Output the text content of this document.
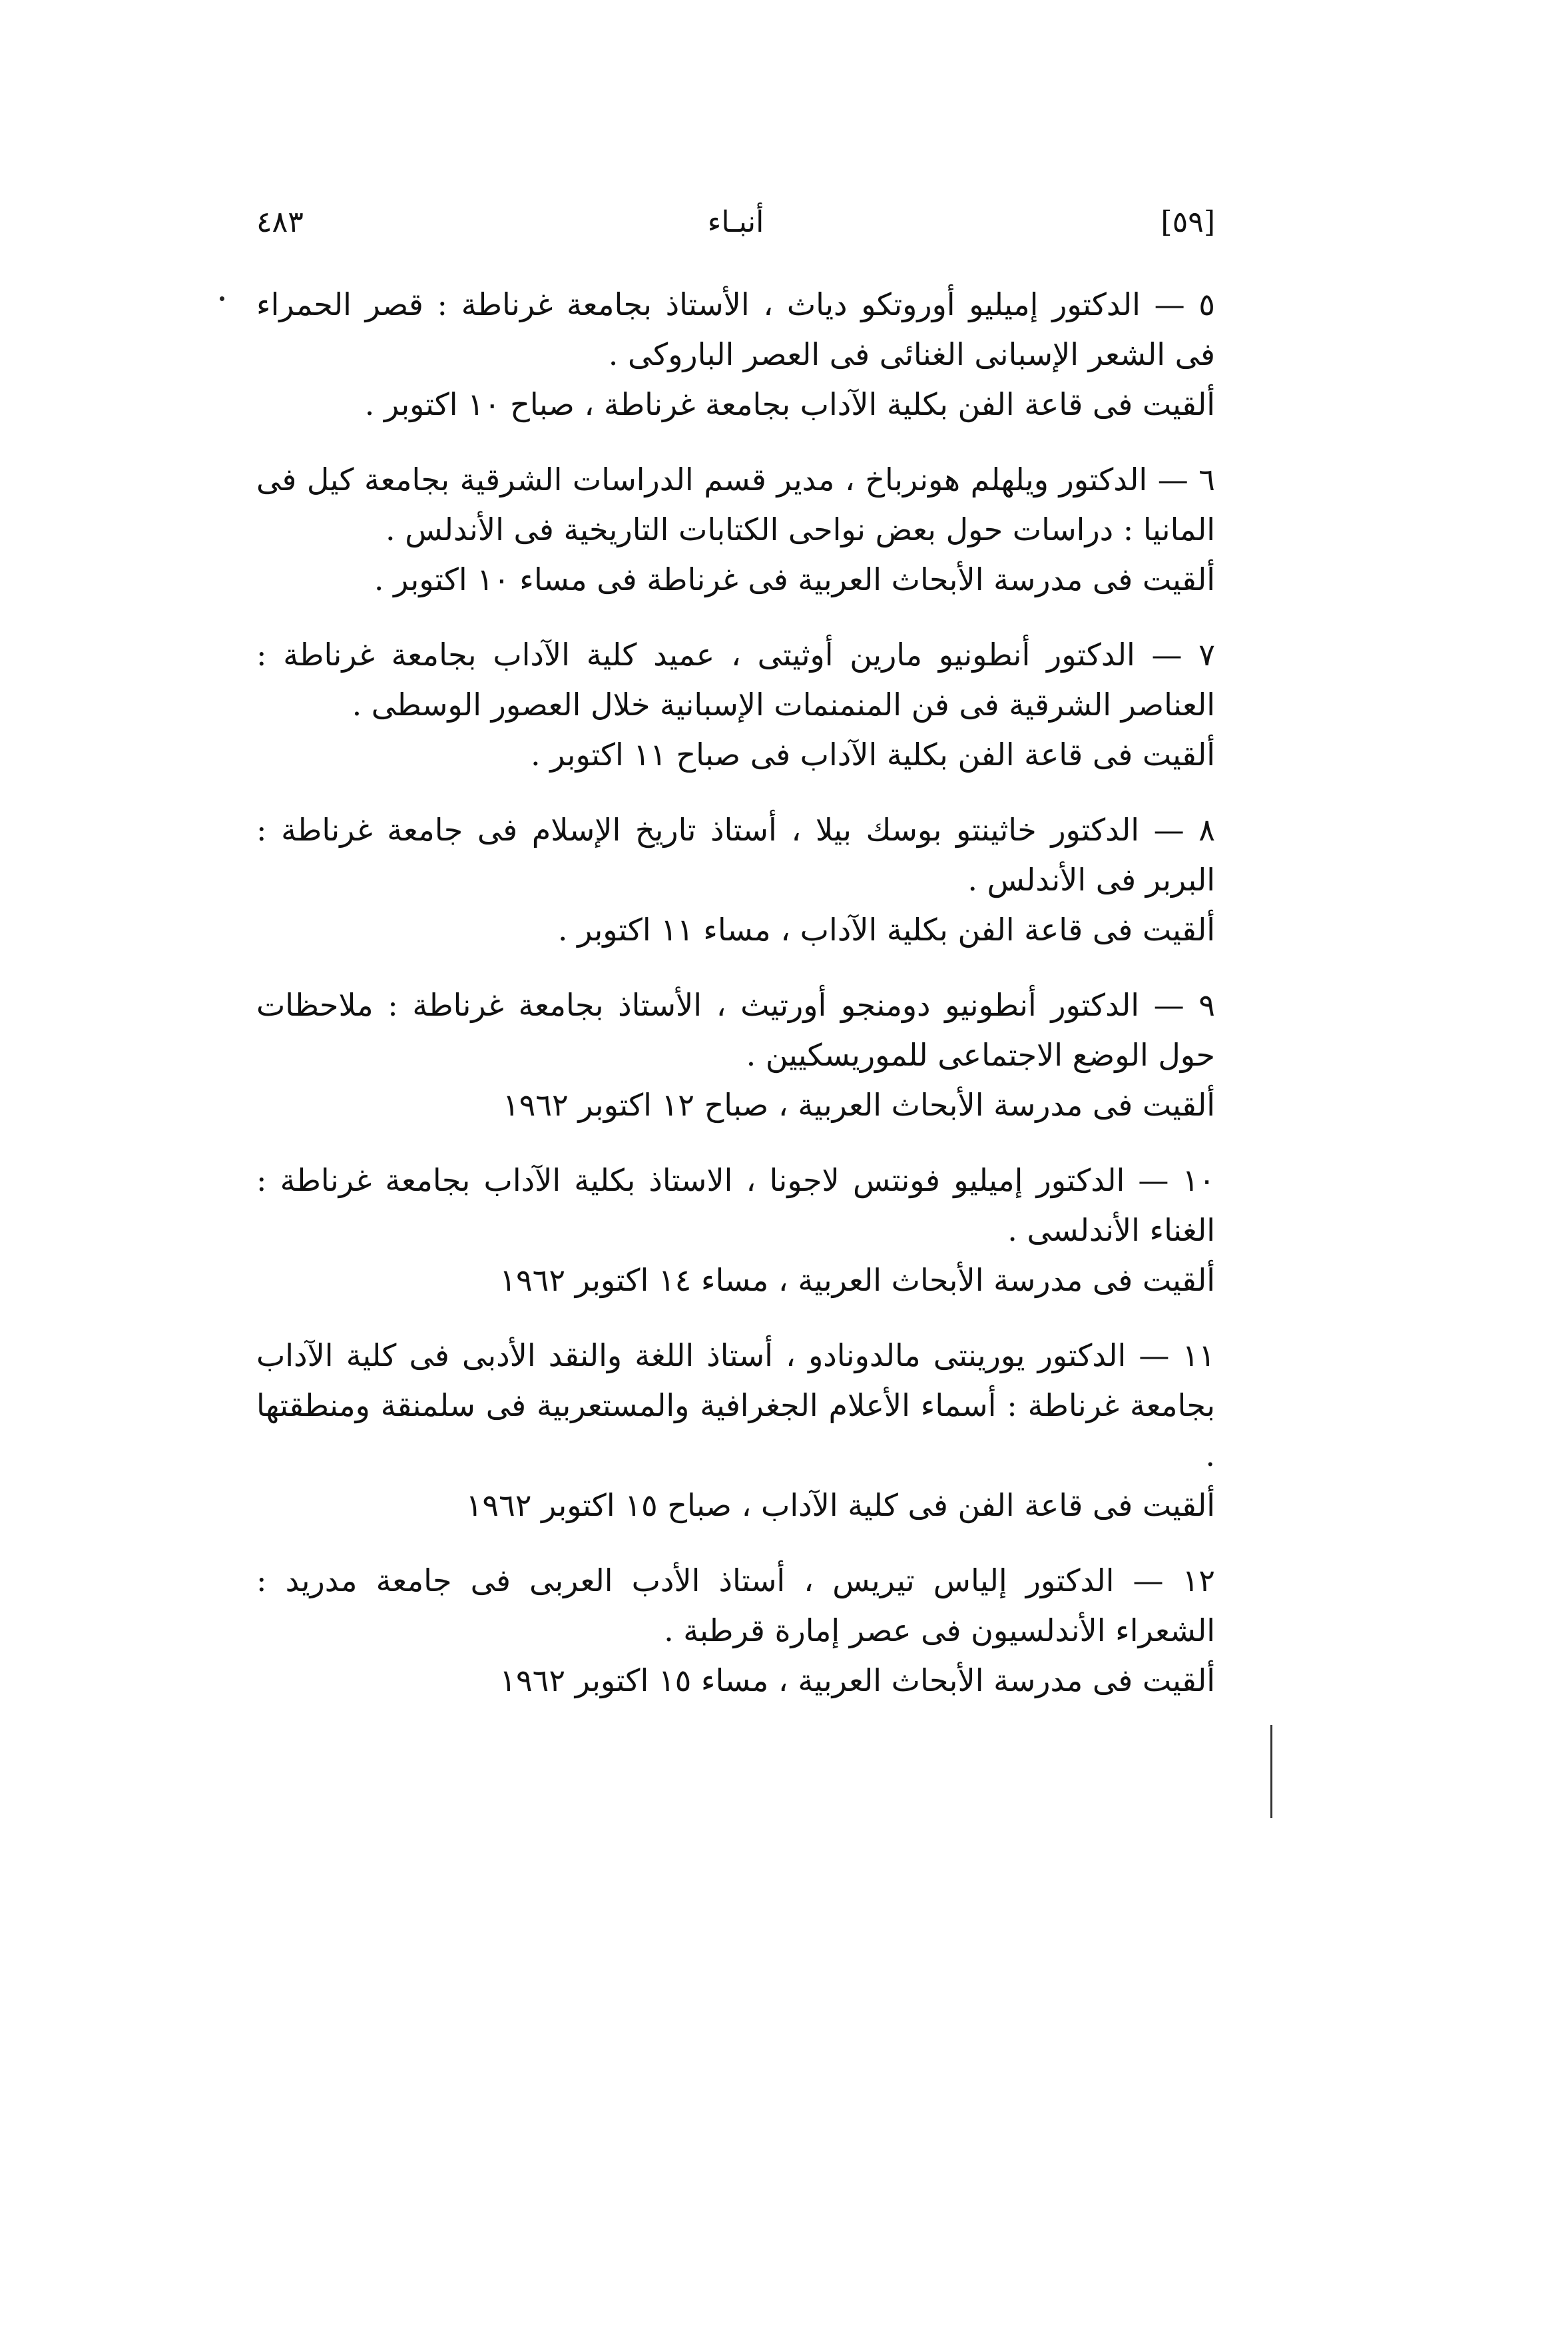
[٥٩]
أنبـاء
٤٨٣

٥ — الدكتور إميليو أوروتكو دياث ، الأستاذ بجامعة غرناطة : قصر الحمراء فى الشعر الإسبانى الغنائى فى العصر الباروكى .

ألقيت فى قاعة الفن بكلية الآداب بجامعة غرناطة ، صباح ١٠ اكتوبر .

٦ — الدكتور ويلهلم هونرباخ ، مدير قسم الدراسات الشرقية بجامعة كيل فى المانيا : دراسات حول بعض نواحى الكتابات التاريخية فى الأندلس .

ألقيت فى مدرسة الأبحاث العربية فى غرناطة فى مساء ١٠ اكتوبر .

٧ — الدكتور أنطونيو مارين أوثيتى ، عميد كلية الآداب بجامعة غرناطة : العناصر الشرقية فى فن المنمنمات الإسبانية خلال العصور الوسطى .

ألقيت فى قاعة الفن بكلية الآداب فى صباح ١١ اكتوبر .

٨ — الدكتور خاثينتو بوسك بيلا ، أستاذ تاريخ الإسلام فى جامعة غرناطة : البربر فى الأندلس .

ألقيت فى قاعة الفن بكلية الآداب ، مساء ١١ اكتوبر .

٩ — الدكتور أنطونيو دومنجو أورتيث ، الأستاذ بجامعة غرناطة : ملاحظات حول الوضع الاجتماعى للموريسكيين .

ألقيت فى مدرسة الأبحاث العربية ، صباح ١٢ اكتوبر ١٩٦٢

١٠ — الدكتور إميليو فونتس لاجونا ، الاستاذ بكلية الآداب بجامعة غرناطة : الغناء الأندلسى .

ألقيت فى مدرسة الأبحاث العربية ، مساء ١٤ اكتوبر ١٩٦٢

١١ — الدكتور يورينتى مالدونادو ، أستاذ اللغة والنقد الأدبى فى كلية الآداب بجامعة غرناطة : أسماء الأعلام الجغرافية والمستعربية فى سلمنقة ومنطقتها .

ألقيت فى قاعة الفن فى كلية الآداب ، صباح ١٥ اكتوبر ١٩٦٢

١٢ — الدكتور إلياس تيريس ، أستاذ الأدب العربى فى جامعة مدريد : الشعراء الأندلسيون فى عصر إمارة قرطبة .

ألقيت فى مدرسة الأبحاث العربية ، مساء ١٥ اكتوبر ١٩٦٢
